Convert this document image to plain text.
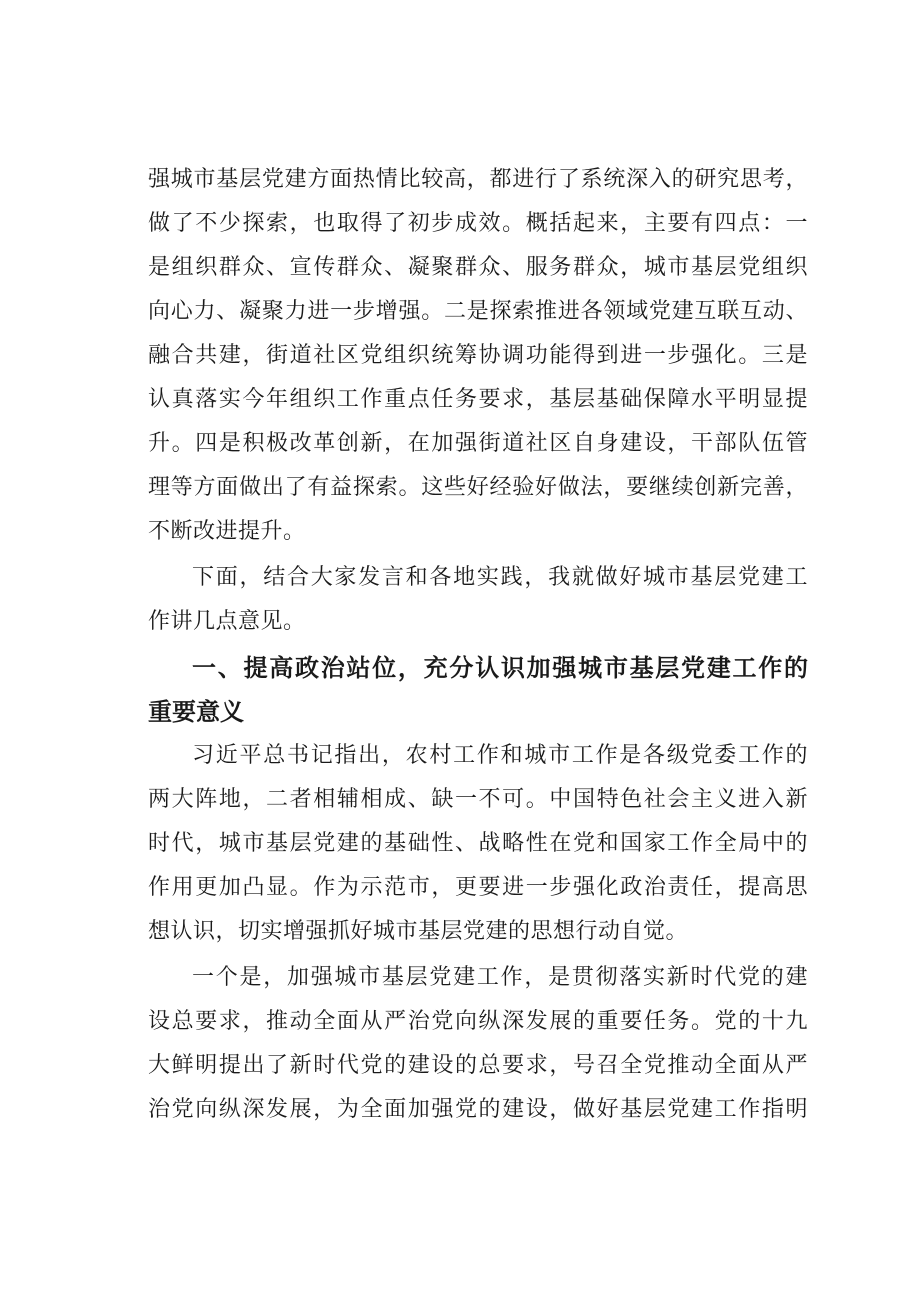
强城市基层党建方面热情比较高，都进行了系统深入的研究思考，
做了不少探索，也取得了初步成效。概括起来，主要有四点：一
是组织群众、宣传群众、凝聚群众、服务群众，城市基层党组织
向心力、凝聚力进一步增强。二是探索推进各领域党建互联互动、
融合共建，街道社区党组织统筹协调功能得到进一步强化。三是
认真落实今年组织工作重点任务要求，基层基础保障水平明显提
升。四是积极改革创新，在加强街道社区自身建设，干部队伍管
理等方面做出了有益探索。这些好经验好做法，要继续创新完善，
不断改进提升。
下面，结合大家发言和各地实践，我就做好城市基层党建工
作讲几点意见。
一、提高政治站位，充分认识加强城市基层党建工作的
重要意义
习近平总书记指出，农村工作和城市工作是各级党委工作的
两大阵地，二者相辅相成、缺一不可。中国特色社会主义进入新
时代，城市基层党建的基础性、战略性在党和国家工作全局中的
作用更加凸显。作为示范市，更要进一步强化政治责任，提高思
想认识，切实增强抓好城市基层党建的思想行动自觉。
一个是，加强城市基层党建工作，是贯彻落实新时代党的建
设总要求，推动全面从严治党向纵深发展的重要任务。党的十九
大鲜明提出了新时代党的建设的总要求，号召全党推动全面从严
治党向纵深发展，为全面加强党的建设，做好基层党建工作指明
